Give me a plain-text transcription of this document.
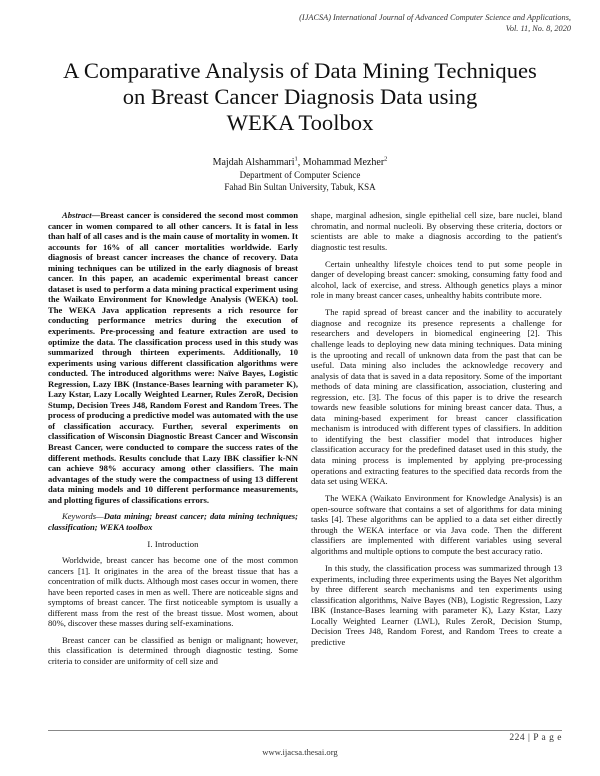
(IJACSA) International Journal of Advanced Computer Science and Applications,
Vol. 11, No. 8, 2020
A Comparative Analysis of Data Mining Techniques
on Breast Cancer Diagnosis Data using
WEKA Toolbox
Majdah Alshammari$^1$, Mohammad Mezher$^2$
Department of Computer Science
Fahad Bin Sultan University, Tabuk, KSA

Abstract—Breast cancer is considered the second most common cancer in women compared to all other cancers. It is fatal in less than half of all cases and is the main cause of mortality in women. It accounts for 16% of all cancer mortalities worldwide. Early diagnosis of breast cancer increases the chance of recovery. Data mining techniques can be utilized in the early diagnosis of breast cancer. In this paper, an academic experimental breast cancer dataset is used to perform a data mining practical experiment using the Waikato Environment for Knowledge Analysis (WEKA) tool. The WEKA Java application represents a rich resource for conducting performance metrics during the execution of experiments. Pre-processing and feature extraction are used to optimize the data. The classification process used in this study was summarized through thirteen experiments. Additionally, 10 experiments using various different classification algorithms were conducted. The introduced algorithms were: Naïve Bayes, Logistic Regression, Lazy IBK (Instance-Bases learning with parameter K), Lazy Kstar, Lazy Locally Weighted Learner, Rules ZeroR, Decision Stump, Decision Trees J48, Random Forest and Random Trees. The process of producing a predictive model was automated with the use of classification accuracy. Further, several experiments on classification of Wisconsin Diagnostic Breast Cancer and Wisconsin Breast Cancer, were conducted to compare the success rates of the different methods. Results conclude that Lazy IBK classifier k-NN can achieve 98% accuracy among other classifiers. The main advantages of the study were the compactness of using 13 different data mining models and 10 different performance measurements, and plotting figures of classifications errors.

Keywords—Data mining; breast cancer; data mining techniques; classification; WEKA toolbox

I. Introduction

Worldwide, breast cancer has become one of the most common cancers [1]. It originates in the area of the breast tissue that has a concentration of milk ducts. Although most cases occur in women, there have been reported cases in men as well. There are noticeable signs and symptoms of breast cancer. The first noticeable symptom is usually a different mass from the rest of the breast tissue. Most women, about 80%, discover these masses during self-examinations.

Breast cancer can be classified as benign or malignant; however, this classification is determined through diagnostic testing. Some criteria to consider are uniformity of cell size and

shape, marginal adhesion, single epithelial cell size, bare nuclei, bland chromatin, and normal nucleoli. By observing these criteria, doctors or scientists are able to make a diagnosis according to the patient's diagnostic test results.

Certain unhealthy lifestyle choices tend to put some people in danger of developing breast cancer: smoking, consuming fatty food and alcohol, lack of exercise, and stress. Although genetics plays a minor role in many breast cancer cases, unhealthy habits contribute more.

The rapid spread of breast cancer and the inability to accurately diagnose and recognize its presence represents a challenge for researchers and developers in biomedical engineering [2]. This challenge leads to deploying new data mining techniques. Data mining is the uprooting and recall of unknown data from the past that can be useful. Data mining also includes the acknowledge recovery and analysis of data that is saved in a data repository. Some of the important methods of data mining are classification, association, clustering and regression, etc. [3]. The focus of this paper is to drive the research towards new feasible solutions for mining breast cancer data. Thus, a data mining-based experiment for breast cancer classification mechanism is introduced with different types of classifiers. In addition to identifying the best classifier model that introduces higher classification accuracy for the predefined dataset used in this study, the data mining process is implemented by applying pre-processing operations and extracting features to the specified data records from the data set using WEKA.

The WEKA (Waikato Environment for Knowledge Analysis) is an open-source software that contains a set of algorithms for data mining tasks [4]. These algorithms can be applied to a data set either directly through the WEKA interface or via Java code. Then the different classifiers are implemented with different variables using several algorithms and multiple options to compute the best accuracy ratio.

In this study, the classification process was summarized through 13 experiments, including three experiments using the Bayes Net algorithm by three different search mechanisms and ten experiments using classification algorithms, Naïve Bayes (NB), Logistic Regression, Lazy IBK (Instance-Bases learning with parameter K), Lazy Kstar, Lazy Locally Weighted Learner (LWL), Rules ZeroR, Decision Stump, Decision Trees J48, Random Forest, and Random Trees to create a predictive

224 | P a g e
www.ijacsa.thesai.org
